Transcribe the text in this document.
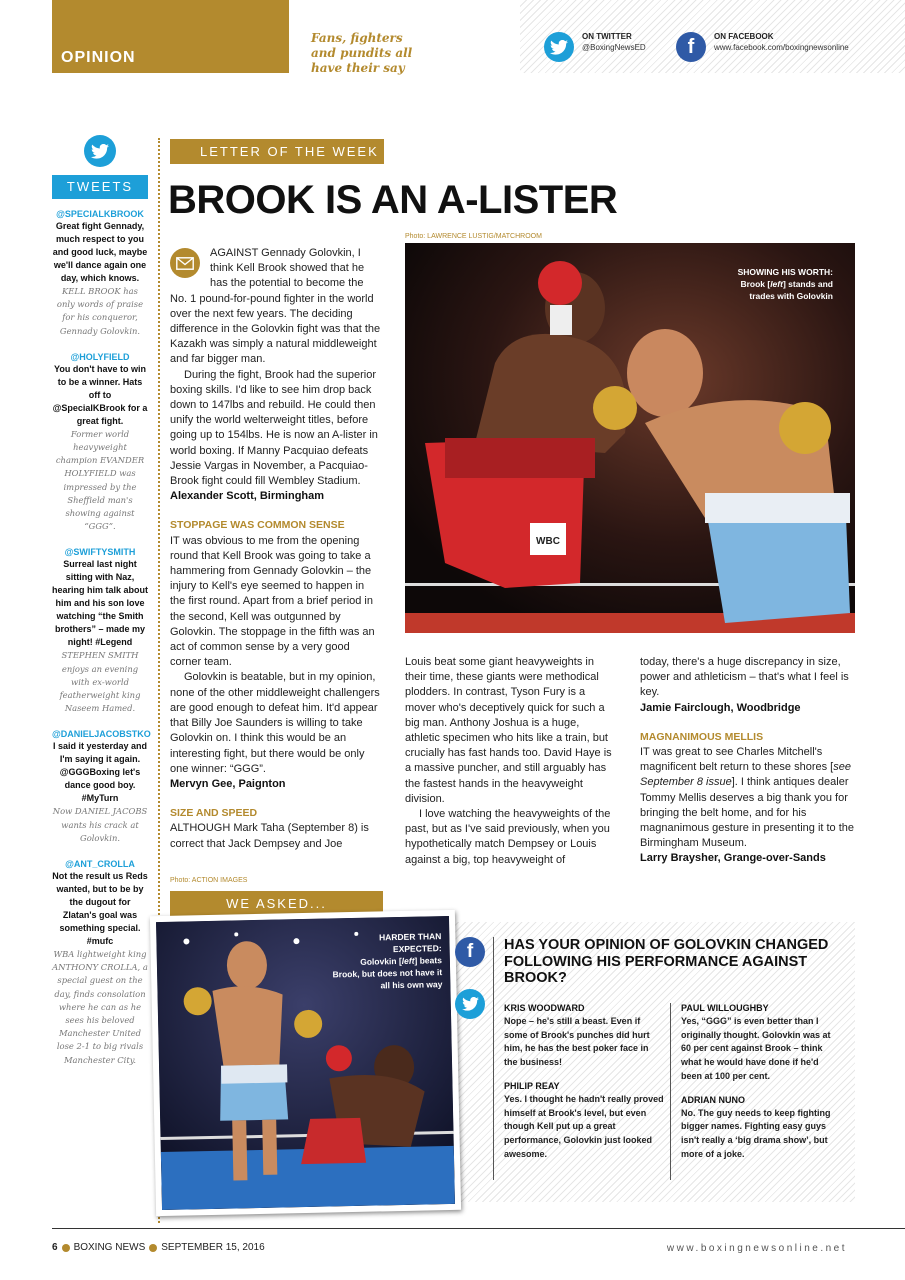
OPINION
Fans, fighters and pundits all have their say
ON TWITTER
@BoxingNewsED	f	ON FACEBOOK
www.facebook.com/boxingnewsonline
TWEETS
@SPECIALKBROOK
Great fight Gennady, much respect to you and good luck, maybe we'll dance again one day, which knows.
KELL BROOK has only words of praise for his conqueror, Gennady Golovkin.
@HOLYFIELD
You don't have to win to be a winner. Hats off to @SpecialKBrook for a great fight.
Former world heavyweight champion EVANDER HOLYFIELD was impressed by the Sheffield man's showing against “GGG”.
@SWIFTYSMITH
Surreal last night sitting with Naz, hearing him talk about him and his son love watching “the Smith brothers” – made my night! #Legend
STEPHEN SMITH enjoys an evening with ex-world featherweight king Naseem Hamed.
@DANIELJACOBSTKO
I said it yesterday and I'm saying it again. @GGGBoxing let's dance good boy. #MyTurn
Now DANIEL JACOBS wants his crack at Golovkin.
@ANT_CROLLA
Not the result us Reds wanted, but to be by the dugout for Zlatan's goal was something special. #mufc
WBA lightweight king ANTHONY CROLLA, a special guest on the day, finds consolation where he can as he sees his beloved Manchester United lose 2-1 to big rivals Manchester City.
LETTER OF THE WEEK
BROOK IS AN A-LISTER
Photo: LAWRENCE LUSTIG/MATCHROOM
WBC
SHOWING HIS WORTH:
Brook [left] stands and trades with Golovkin

AGAINST Gennady Golovkin, I think Kell Brook showed that he has the potential to become the No. 1 pound-for-pound fighter in the world over the next few years. The deciding difference in the Golovkin fight was that the Kazakh was simply a natural middleweight and far bigger man.

During the fight, Brook had the superior boxing skills. I'd like to see him drop back down to 147lbs and rebuild. He could then unify the world welterweight titles, before going up to 154lbs. He is now an A-lister in world boxing. If Manny Pacquiao defeats Jessie Vargas in November, a Pacquiao-Brook fight could fill Wembley Stadium.

Alexander Scott, Birmingham
STOPPAGE WAS COMMON SENSE

IT was obvious to me from the opening round that Kell Brook was going to take a hammering from Gennady Golovkin – the injury to Kell's eye seemed to happen in the first round. Apart from a brief period in the second, Kell was outgunned by Golovkin. The stoppage in the fifth was an act of common sense by a very good corner team.

Golovkin is beatable, but in my opinion, none of the other middleweight challengers are good enough to defeat him. It'd appear that Billy Joe Saunders is willing to take Golovkin on. I think this would be an interesting fight, but there would be only one winner: “GGG”.

Mervyn Gee, Paignton
SIZE AND SPEED

ALTHOUGH Mark Taha (September 8) is correct that Jack Dempsey and Joe

Louis beat some giant heavyweights in their time, these giants were methodical plodders. In contrast, Tyson Fury is a mover who's deceptively quick for such a big man. Anthony Joshua is a huge, athletic specimen who hits like a train, but crucially has fast hands too. David Haye is a massive puncher, and still arguably has the fastest hands in the heavyweight division.

I love watching the heavyweights of the past, but as I've said previously, when you hypothetically match Dempsey or Louis against a big, top heavyweight of

today, there's a huge discrepancy in size, power and athleticism – that's what I feel is key.

Jamie Fairclough, Woodbridge
MAGNANIMOUS MELLIS

IT was great to see Charles Mitchell's magnificent belt return to these shores [see September 8 issue]. I think antiques dealer Tommy Mellis deserves a big thank you for bringing the belt home, and for his magnanimous gesture in presenting it to the Birmingham Museum.

Larry Braysher, Grange-over-Sands
Photo: ACTION IMAGES
WE ASKED...
HARDER THAN EXPECTED:
Golovkin [left] beats Brook, but does not have it all his own way
f	HAS YOUR OPINION OF GOLOVKIN CHANGED FOLLOWING HIS PERFORMANCE AGAINST BROOK?
KRIS WOODWARD
Nope – he's still a beast. Even if some of Brook's punches did hurt him, he has the best poker face in the business!
PHILIP REAY
Yes. I thought he hadn't really proved himself at Brook's level, but even though Kell put up a great performance, Golovkin just looked awesome.
PAUL WILLOUGHBY
Yes, “GGG” is even better than I originally thought. Golovkin was at 60 per cent against Brook – think what he would have done if he'd been at 100 per cent.
ADRIAN NUNO
No. The guy needs to keep fighting bigger names. Fighting easy guys isn't really a ‘big drama show’, but more of a joke.
6 BOXING NEWS SEPTEMBER 15, 2016	www.boxingnewsonline.net
